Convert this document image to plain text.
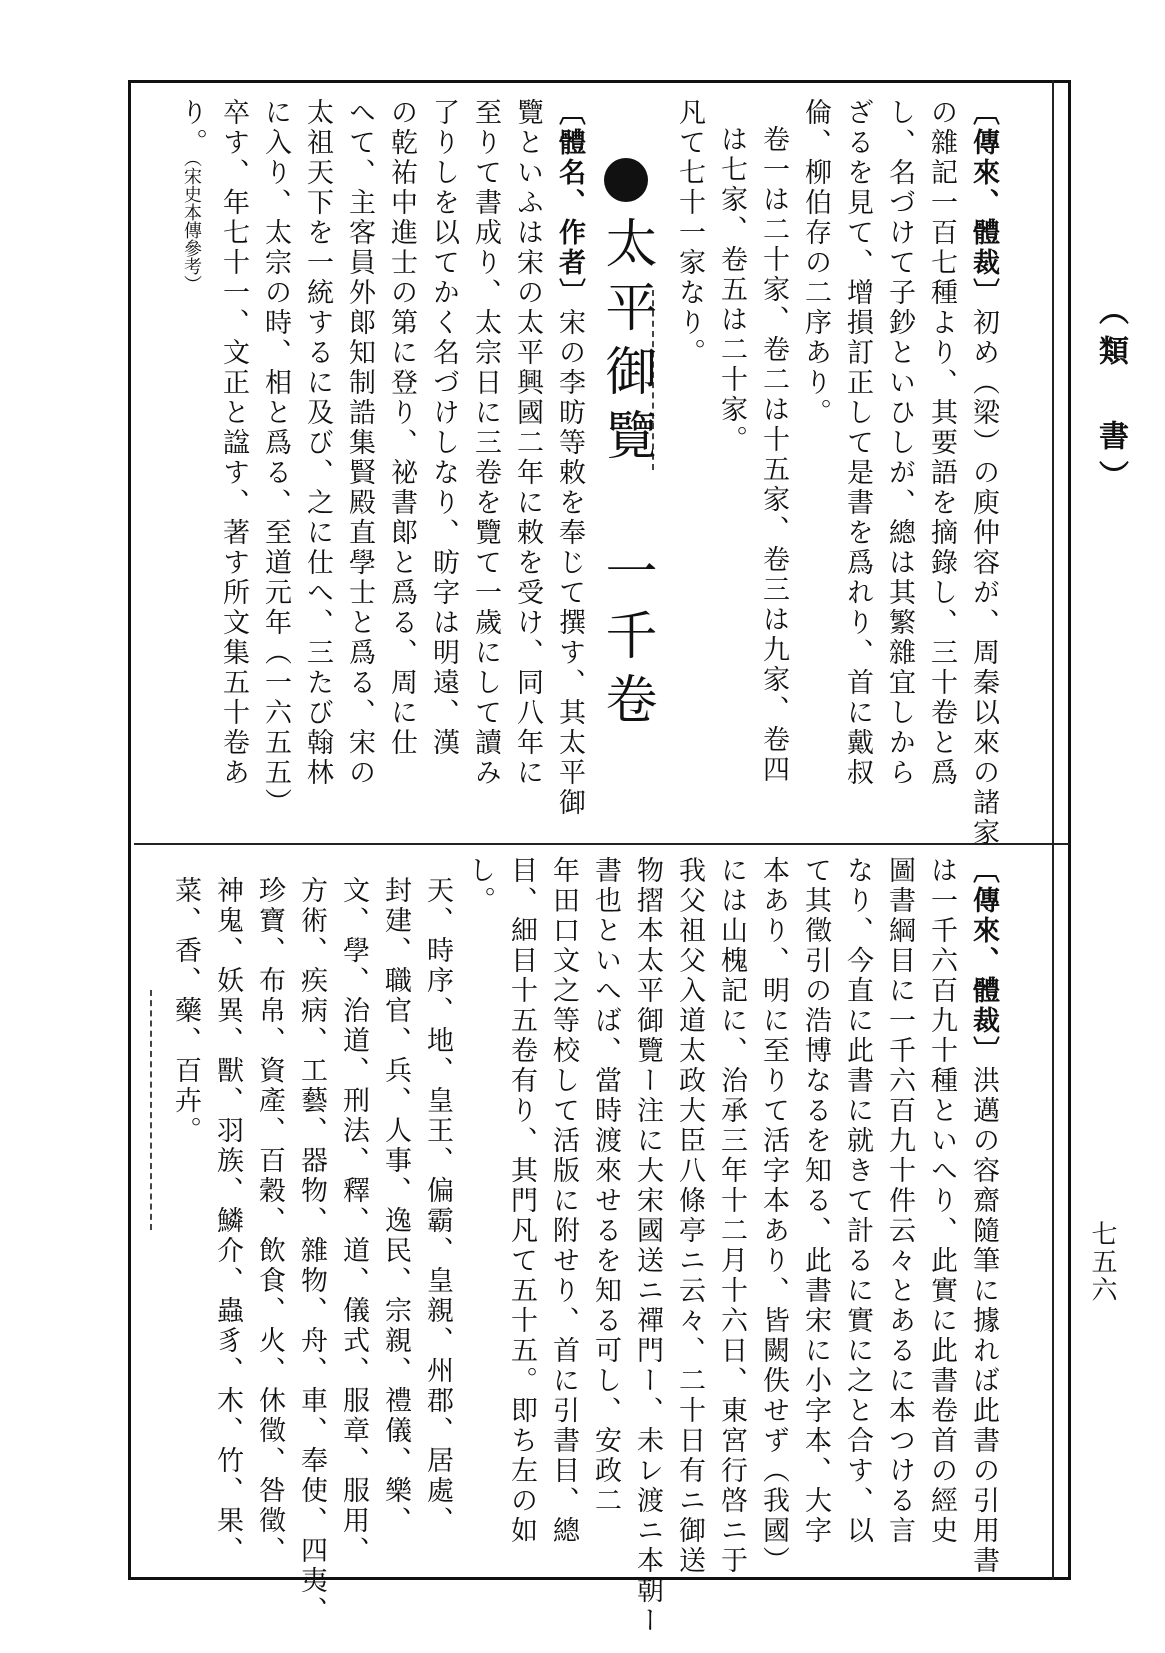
（類 書）
七五六
〔傳來、體裁〕初め（梁）の庾仲容が、周秦以來の諸家
の雜記一百七種より、其要語を摘錄し、三十卷と爲
し、名づけて子鈔といひしが、總は其繁雜宜しから
ざるを見て、增損訂正して是書を爲れり、首に戴叔
倫、柳伯存の二序あり。
卷一は二十家、卷二は十五家、卷三は九家、卷四
は七家、卷五は二十家。
凡て七十一家なり。
太平御覽 一千卷
〔體名、作者〕宋の李昉等敕を奉じて撰す、其太平御
覽といふは宋の太平興國二年に敕を受け、同八年に
至りて書成り、太宗日に三卷を覽て一歲にして讀み
了りしを以てかく名づけしなり、昉字は明遠、漢
の乾祐中進士の第に登り、祕書郞と爲る、周に仕
へて、主客員外郞知制誥集賢殿直學士と爲る、宋の
太祖天下を一統するに及び、之に仕へ、三たび翰林
に入り、太宗の時、相と爲る、至道元年（一六五五）
卒す、年七十一、文正と諡す、著す所文集五十卷あ
り。（宋史本傳參考）
〔傳來、體裁〕洪邁の容齋隨筆に據れば此書の引用書
は一千六百九十種といへり、此實に此書卷首の經史
圖書綱目に一千六百九十件云々とあるに本つける言
なり、今直に此書に就きて計るに實に之と合す、以
て其徵引の浩博なるを知る、此書宋に小字本、大字
本あり、明に至りて活字本あり、皆闕佚せず（我國）
には山槐記に、治承三年十二月十六日、東宮行啓ニ于
我父祖父入道太政大臣八條亭ニ云々、二十日有ニ御送
物摺本太平御覽ー注に大宋國送ニ禪門ー、未レ渡ニ本朝ー
書也といへば、當時渡來せるを知る可し、安政二
年田口文之等校して活版に附せり、首に引書目、總
目、細目十五卷有り、其門凡て五十五。即ち左の如
し。
天、時序、地、皇王、偏霸、皇親、州郡、居處、
封建、職官、兵、人事、逸民、宗親、禮儀、樂、
文、學、治道、刑法、釋、道、儀式、服章、服用、
方術、疾病、工藝、器物、雜物、舟、車、奉使、四夷、
珍寶、布帛、資產、百穀、飲食、火、休徵、咎徵、
神鬼、妖異、獸、羽族、鱗介、蟲豸、木、竹、果、
菜、香、藥、百卉。
